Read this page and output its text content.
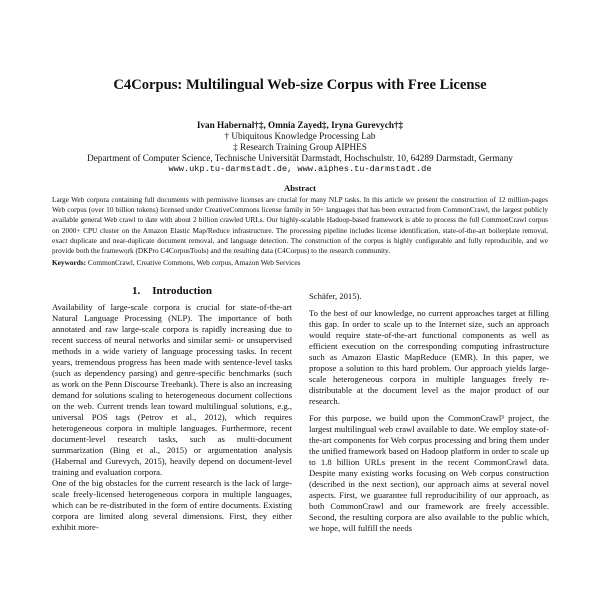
C4Corpus: Multilingual Web-size Corpus with Free License
Ivan Habernal†‡, Omnia Zayed‡, Iryna Gurevych†‡
† Ubiquitous Knowledge Processing Lab
‡ Research Training Group AIPHES
Department of Computer Science, Technische Universität Darmstadt, Hochschulstr. 10, 64289 Darmstadt, Germany
www.ukp.tu-darmstadt.de, www.aiphes.tu-darmstadt.de
Abstract
Large Web corpora containing full documents with permissive licenses are crucial for many NLP tasks. In this article we present the construction of 12 million-pages Web corpus (over 10 billion tokens) licensed under CreativeCommons license family in 50+ languages that has been extracted from CommonCrawl, the largest publicly available general Web crawl to date with about 2 billion crawled URLs. Our highly-scalable Hadoop-based framework is able to process the full CommonCrawl corpus on 2000+ CPU cluster on the Amazon Elastic Map/Reduce infrastructure. The processing pipeline includes license identification, state-of-the-art boilerplate removal, exact duplicate and near-duplicate document removal, and language detection. The construction of the corpus is highly configurable and fully reproducible, and we provide both the framework (DKPro C4CorpusTools) and the resulting data (C4Corpus) to the research community.
Keywords: CommonCrawl, Creative Commons, Web corpus, Amazon Web Services
1. Introduction

Availability of large-scale corpora is crucial for state-of-the-art Natural Language Processing (NLP). The importance of both annotated and raw large-scale corpora is rapidly increasing due to recent success of neural networks and similar semi- or unsupervised methods in a wide variety of language processing tasks. In recent years, tremendous progress has been made with sentence-level tasks (such as dependency parsing) and genre-specific benchmarks (such as work on the Penn Discourse Treebank). There is also an increasing demand for solutions scaling to heterogeneous document collections on the web. Current trends lean toward multilingual solutions, e.g., universal POS tags (Petrov et al., 2012), which requires heterogeneous corpora in multiple languages. Furthermore, recent document-level research tasks, such as multi-document summarization (Bing et al., 2015) or argumentation analysis (Habernal and Gurevych, 2015), heavily depend on document-level training and evaluation corpora.

One of the big obstacles for the current research is the lack of large-scale freely-licensed heterogeneous corpora in multiple languages, which can be re-distributed in the form of entire documents. Existing corpora are limited along several dimensions. First, they either exhibit more-

Schäfer, 2015).

To the best of our knowledge, no current approaches target at filling this gap. In order to scale up to the Internet size, such an approach would require state-of-the-art functional components as well as efficient execution on the corresponding computing infrastructure such as Amazon Elastic MapReduce (EMR). In this paper, we propose a solution to this hard problem. Our approach yields large-scale heterogeneous corpora in multiple languages freely re-distributable at the document level as the major product of our research.

For this purpose, we build upon the CommonCrawl³ project, the largest multilingual web crawl available to date. We employ state-of-the-art components for Web corpus processing and bring them under the unified framework based on Hadoop platform in order to scale up to 1.8 billion URLs present in the recent CommonCrawl data. Despite many existing works focusing on Web corpus construction (described in the next section), our approach aims at several novel aspects. First, we guarantee full reproducibility of our approach, as both CommonCrawl and our framework are freely accessible. Second, the resulting corpora are also available to the public which, we hope, will fulfill the needs
